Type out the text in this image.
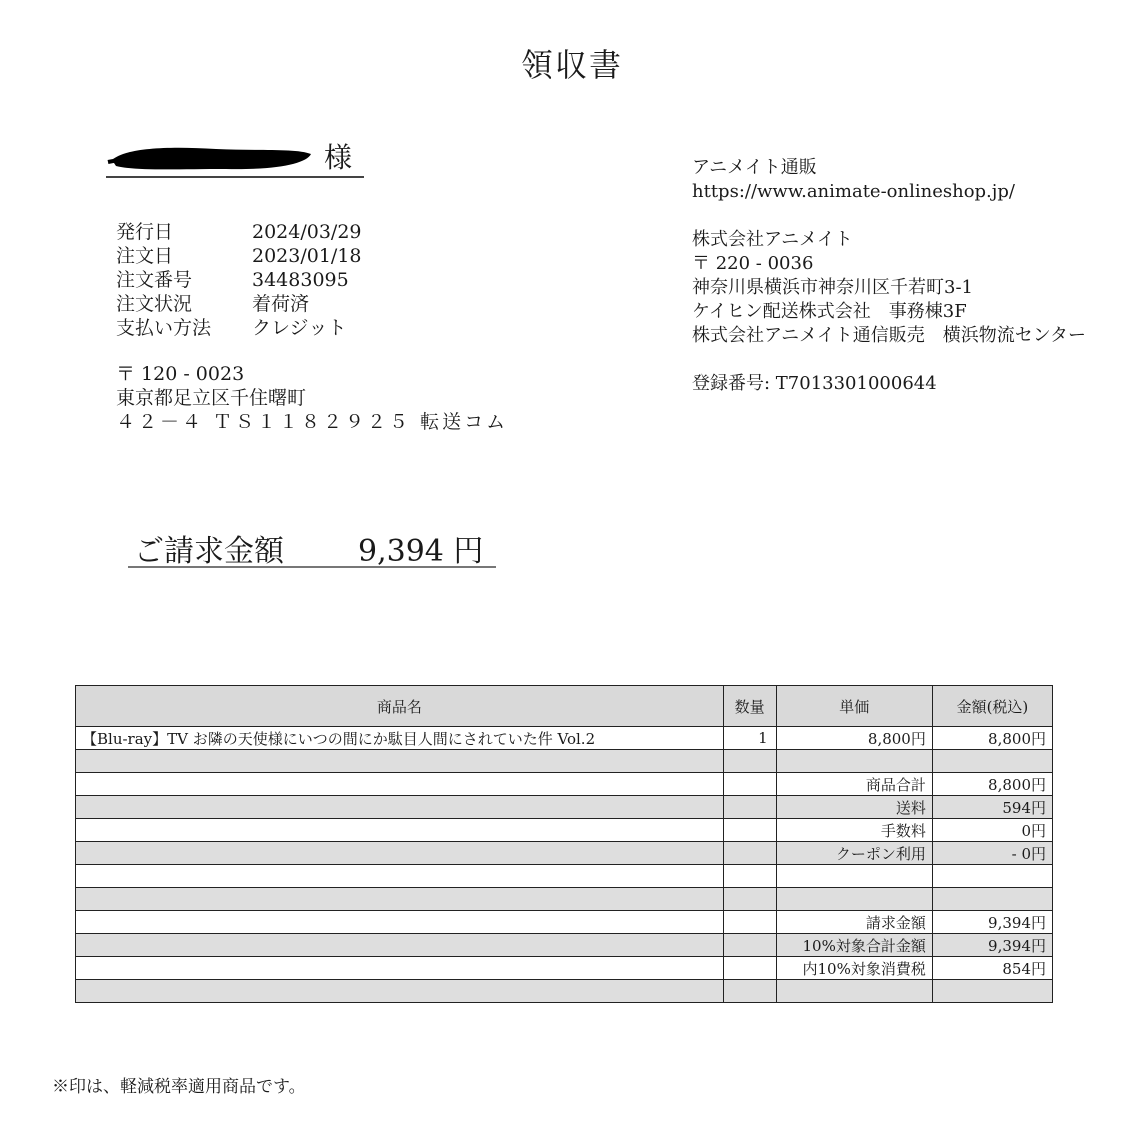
領収書
様
発行日	2024/03/29
注文日	2023/01/18
注文番号	34483095
注文状況	着荷済
支払い方法	クレジット
〒 120 - 0023
東京都足立区千住曙町
４２－４ ＴＳ１１８２９２５ 転送コム
アニメイト通販
https://www.animate-onlineshop.jp/
株式会社アニメイト
〒 220 - 0036
神奈川県横浜市神奈川区千若町3-1
ケイヒン配送株式会社　事務棟3F
株式会社アニメイト通信販売　横浜物流センター
登録番号: T7013301000644
ご請求金額 9,394 円
商品名	数量	単価	金額(税込)
【Blu-ray】TV お隣の天使様にいつの間にか駄目人間にされていた件 Vol.2	1	8,800円	8,800円

		商品合計	8,800円
		送料	594円
		手数料	0円
		クーポン利用	- 0円

		請求金額	9,394円
		10%対象合計金額	9,394円
		内10%対象消費税	854円

※印は、軽減税率適用商品です。
